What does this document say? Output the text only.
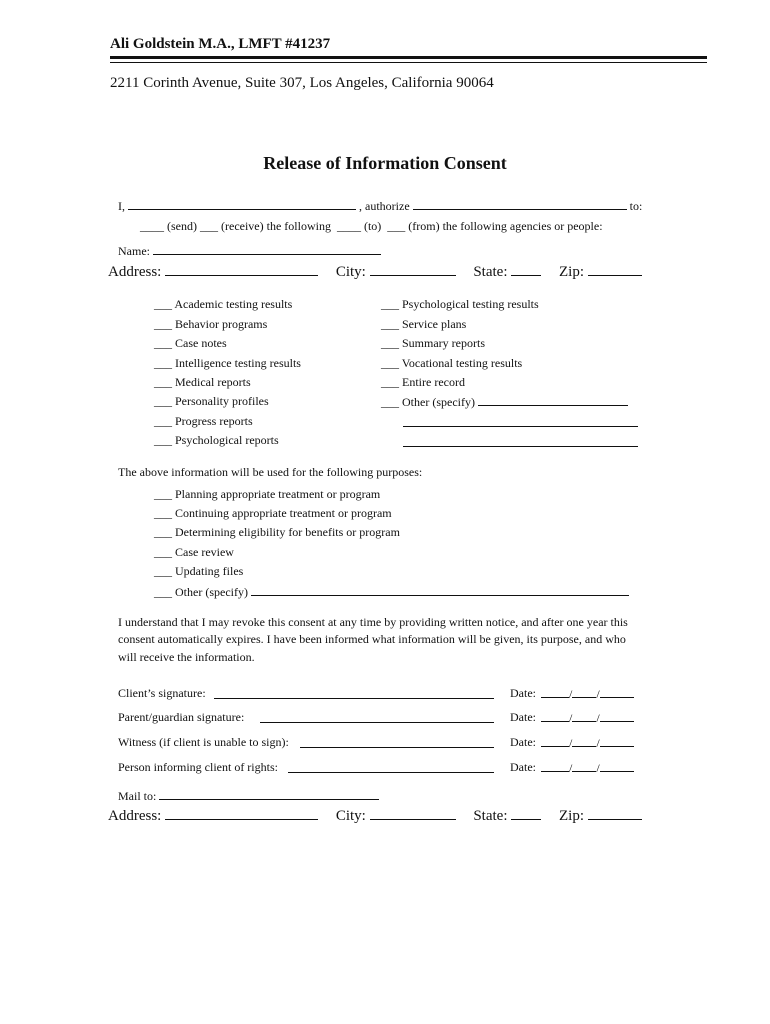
Ali Goldstein M.A., LMFT #41237
2211 Corinth Avenue, Suite 307, Los Angeles, California 90064
Release of Information Consent
I,	, authorize	to:
____ (send) ___ (receive) the following ____ (to) ___ (from) the following agencies or people:
Name:
Address:	City:	State:	Zip:
___ Academic testing results
___ Behavior programs
___ Case notes
___ Intelligence testing results
___ Medical reports
___ Personality profiles
___ Progress reports
___ Psychological reports
___ Psychological testing results
___ Service plans
___ Summary reports
___ Vocational testing results
___ Entire record
___ Other (specify)
The above information will be used for the following purposes:
___ Planning appropriate treatment or program
___ Continuing appropriate treatment or program
___ Determining eligibility for benefits or program
___ Case review
___ Updating files
___ Other (specify)
I understand that I may revoke this consent at any time by providing written notice, and after one year this
consent automatically expires. I have been informed what information will be given, its purpose, and who
will receive the information.
Client’s signature:	Date:	/ /
Parent/guardian signature:	Date:	/ /
Witness (if client is unable to sign):	Date:	/ /
Person informing client of rights:	Date:	/ /
Mail to:
Address:	City:	State:	Zip:
